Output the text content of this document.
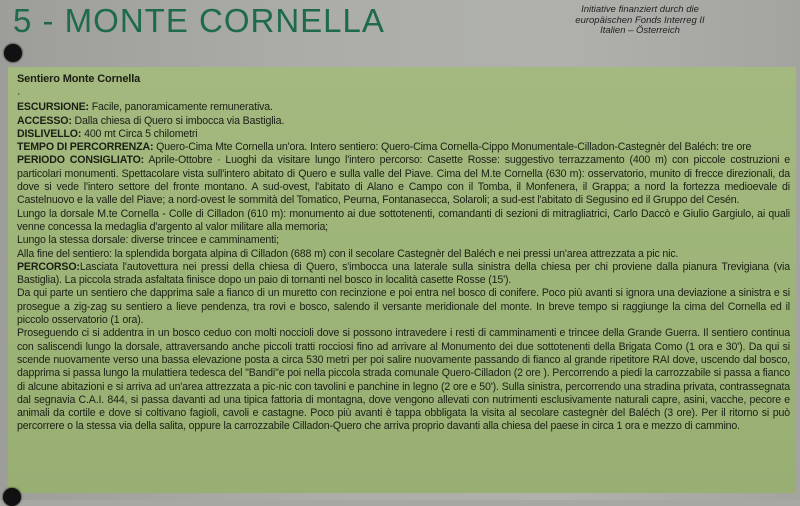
5 - MONTE CORNELLA	Initiative finanziert durch die
europäischen Fonds Interreg II
Italien – Österreich

Sentiero Monte Cornella

·

ESCURSIONE: Facile, panoramicamente remunerativa.

ACCESSO: Dalla chiesa di Quero si imbocca via Bastiglia.

DISLIVELLO: 400 mt Circa 5 chilometri

TEMPO DI PERCORRENZA: Quero-Cima Mte Cornella un'ora. Intero sentiero: Quero-Cima Cornella-Cippo Monumentale-Cilladon-Castegnèr del Baléch: tre ore

PERIODO CONSIGLIATO: Aprile-Ottobre · Luoghi da visitare lungo l'intero percorso: Casette Rosse: suggestivo terrazzamento (400 m) con piccole costruzioni e particolari monumenti. Spettacolare vista sull'intero abitato di Quero e sulla valle del Piave. Cima del M.te Cornella (630 m): osservatorio, munito di frecce direzionali, da dove si vede l'intero settore del fronte montano. A sud-ovest, l'abitato di Alano e Campo con il Tomba, il Monfenera, il Grappa; a nord la fortezza medioevale di Castelnuovo e la valle del Piave; a nord-ovest le sommità del Tomatico, Peurna, Fontanasecca, Solaroli; a sud-est l'abitato di Segusino ed il Gruppo del Cesén.

Lungo la dorsale M.te Cornella - Colle di Cilladon (610 m): monumento ai due sottotenenti, comandanti di sezioni di mitragliatrici, Carlo Daccò e Giulio Gargiulo, ai quali venne concessa la medaglia d'argento al valor militare alla memoria;

Lungo la stessa dorsale: diverse trincee e camminamenti;

Alla fine del sentiero: la splendida borgata alpina di Cilladon (688 m) con il secolare Castegnèr del Baléch e nei pressi un'area attrezzata a pic nic.

PERCORSO:Lasciata l'autovettura nei pressi della chiesa di Quero, s'imbocca una laterale sulla sinistra della chiesa per chi proviene dalla pianura Trevigiana (via Bastiglia). La piccola strada asfaltata finisce dopo un paio di tornanti nel bosco in località casette Rosse (15').

Da qui parte un sentiero che dapprima sale a fianco di un muretto con recinzione e poi entra nel bosco di conifere. Poco più avanti si ignora una deviazione a sinistra e si prosegue a zig-zag su sentiero a lieve pendenza, tra rovi e bosco, salendo il versante meridionale del monte. In breve tempo si raggiunge la cima del Cornella ed il piccolo osservatorio (1 ora).

Proseguendo ci si addentra in un bosco ceduo con molti noccioli dove si possono intravedere i resti di camminamenti e trincee della Grande Guerra. Il sentiero continua con saliscendi lungo la dorsale, attraversando anche piccoli tratti rocciosi fino ad arrivare al Monumento dei due sottotenenti della Brigata Como (1 ora e 30'). Da qui si scende nuovamente verso una bassa elevazione posta a circa 530 metri per poi salire nuovamente passando di fianco al grande ripetitore RAI dove, uscendo dal bosco, dapprima si passa lungo la mulattiera tedesca del "Bandi"e poi nella piccola strada comunale Quero-Cilladon (2 ore ). Percorrendo a piedi la carrozzabile si passa a fianco di alcune abitazioni e si arriva ad un'area attrezzata a pic-nic con tavolini e panchine in legno (2 ore e 50'). Sulla sinistra, percorrendo una stradina privata, contrassegnata dal segnavia C.A.I. 844, si passa davanti ad una tipica fattoria di montagna, dove vengono allevati con nutrimenti esclusivamente naturali capre, asini, vacche, pecore e animali da cortile e dove si coltivano fagioli, cavoli e castagne. Poco più avanti è tappa obbligata la visita al secolare castegnèr del Baléch (3 ore). Per il ritorno si può percorrere o la stessa via della salita, oppure la carrozzabile Cilladon-Quero che arriva proprio davanti alla chiesa del paese in circa 1 ora e mezzo di cammino.
